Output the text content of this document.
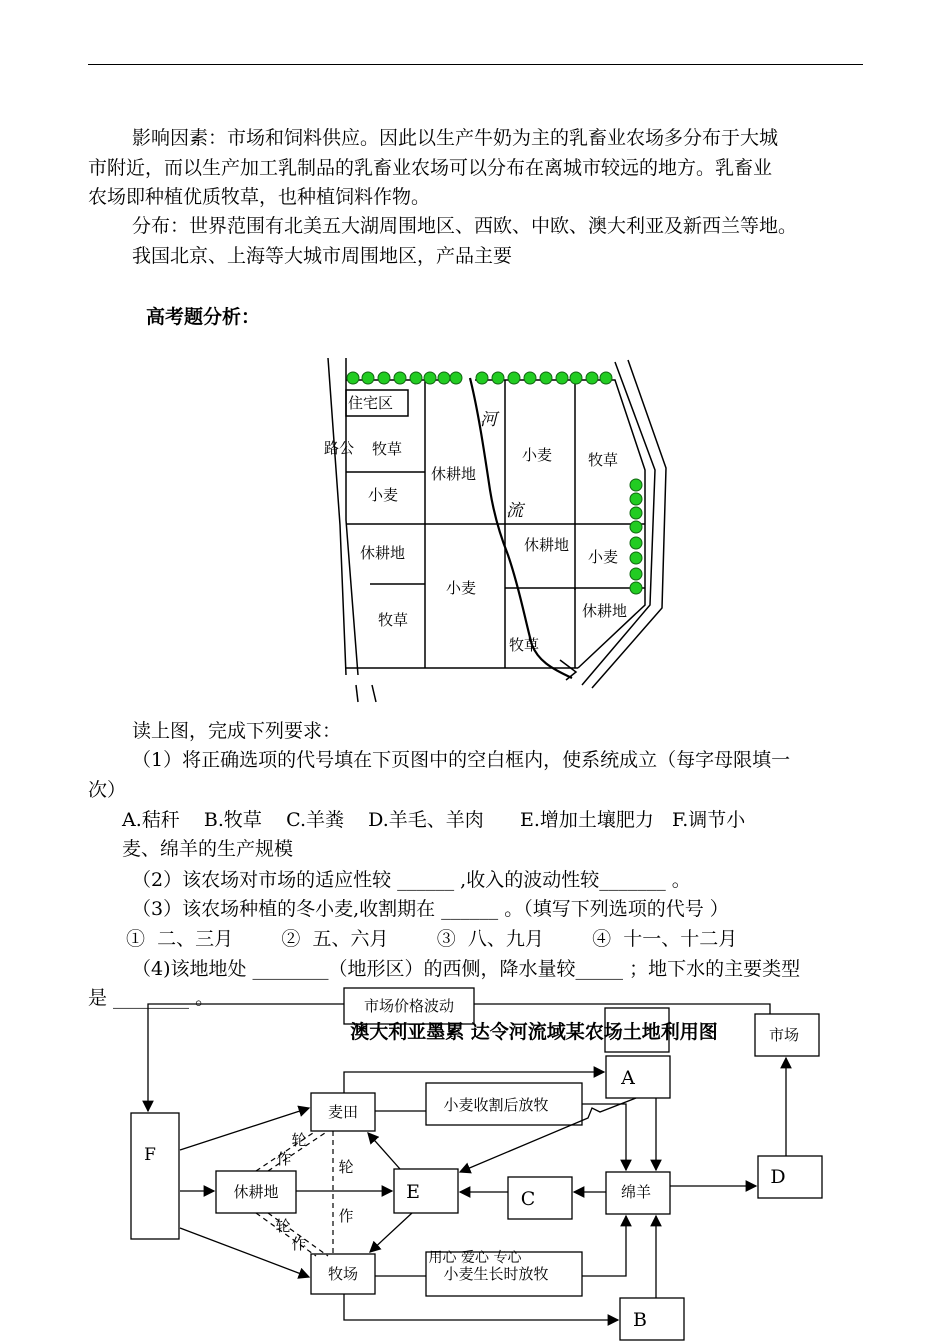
影响因素：市场和饲料供应。因此以生产牛奶为主的乳畜业农场多分布于大城
市附近，而以生产加工乳制品的乳畜业农场可以分布在离城市较远的地方。乳畜业
农场即种植优质牧草，也种植饲料作物。
分布：世界范围有北美五大湖周围地区、西欧、中欧、澳大利亚及新西兰等地。
我国北京、上海等大城市周围地区，产品主要
高考题分析：
住宅区
路公
河
流
牧草
小麦
休耕地
小麦 牧草
休耕地
小麦
休耕地
小麦
牧草	休耕地
牧草
读上图，完成下列要求：
（1）将正确选项的代号填在下页图中的空白框内，使系统成立（每字母限填一
次）
A.秸秆    B.牧草    C.羊粪    D.羊毛、羊肉      E.增加土壤肥力   F.调节小
麦、绵羊的生产规模
（2）该农场对市场的适应性较 ______ ,收入的波动性较_______ 。
（3）该农场种植的冬小麦,收割期在 ______ 。（填写下列选项的代号 ）
①  二、三月        ②  五、六月        ③  八、九月        ④  十一、十二月
（4)该地地处 ________（地形区）的西侧，降水量较_____ ；地下水的主要类型
是 ________ 。
澳大利亚墨累 达令河流域某农场土地利用图
市场价格波动
市场
A
F
麦田	小麦收割后放牧
休耕地	E	C	绵羊
D
牧场	小麦生长时放牧
B
用心 爱心 专心
轮
作	轮
作
轮
作
